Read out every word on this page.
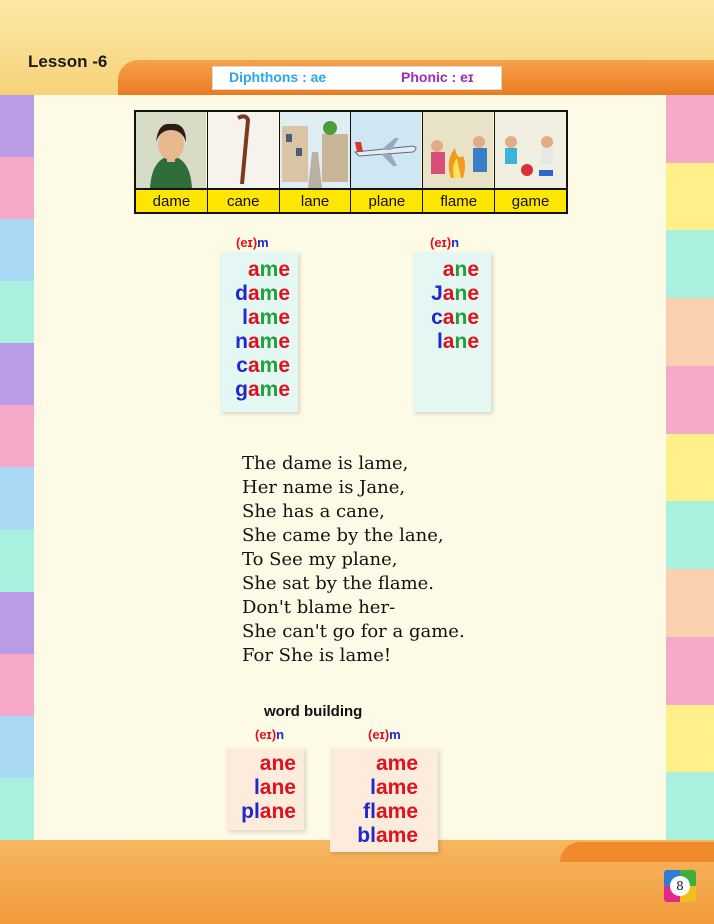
Lesson -6
Diphthons : ae	Phonic : eɪ
dame	cane	lane	plane	flame	game
(eɪ)m
ame
dame
lame
name
came
game
(eɪ)n
ane
Jane
cane
lane
The dame is lame,
Her name is Jane,
She has a cane,
She came by the lane,
To See my plane,
She sat by the flame.
Don't blame her-
She can't go for a game.
For She is lame!
word building
(eɪ)n
ane
lane
plane
(eɪ)m
ame
lame
flame
blame
8
